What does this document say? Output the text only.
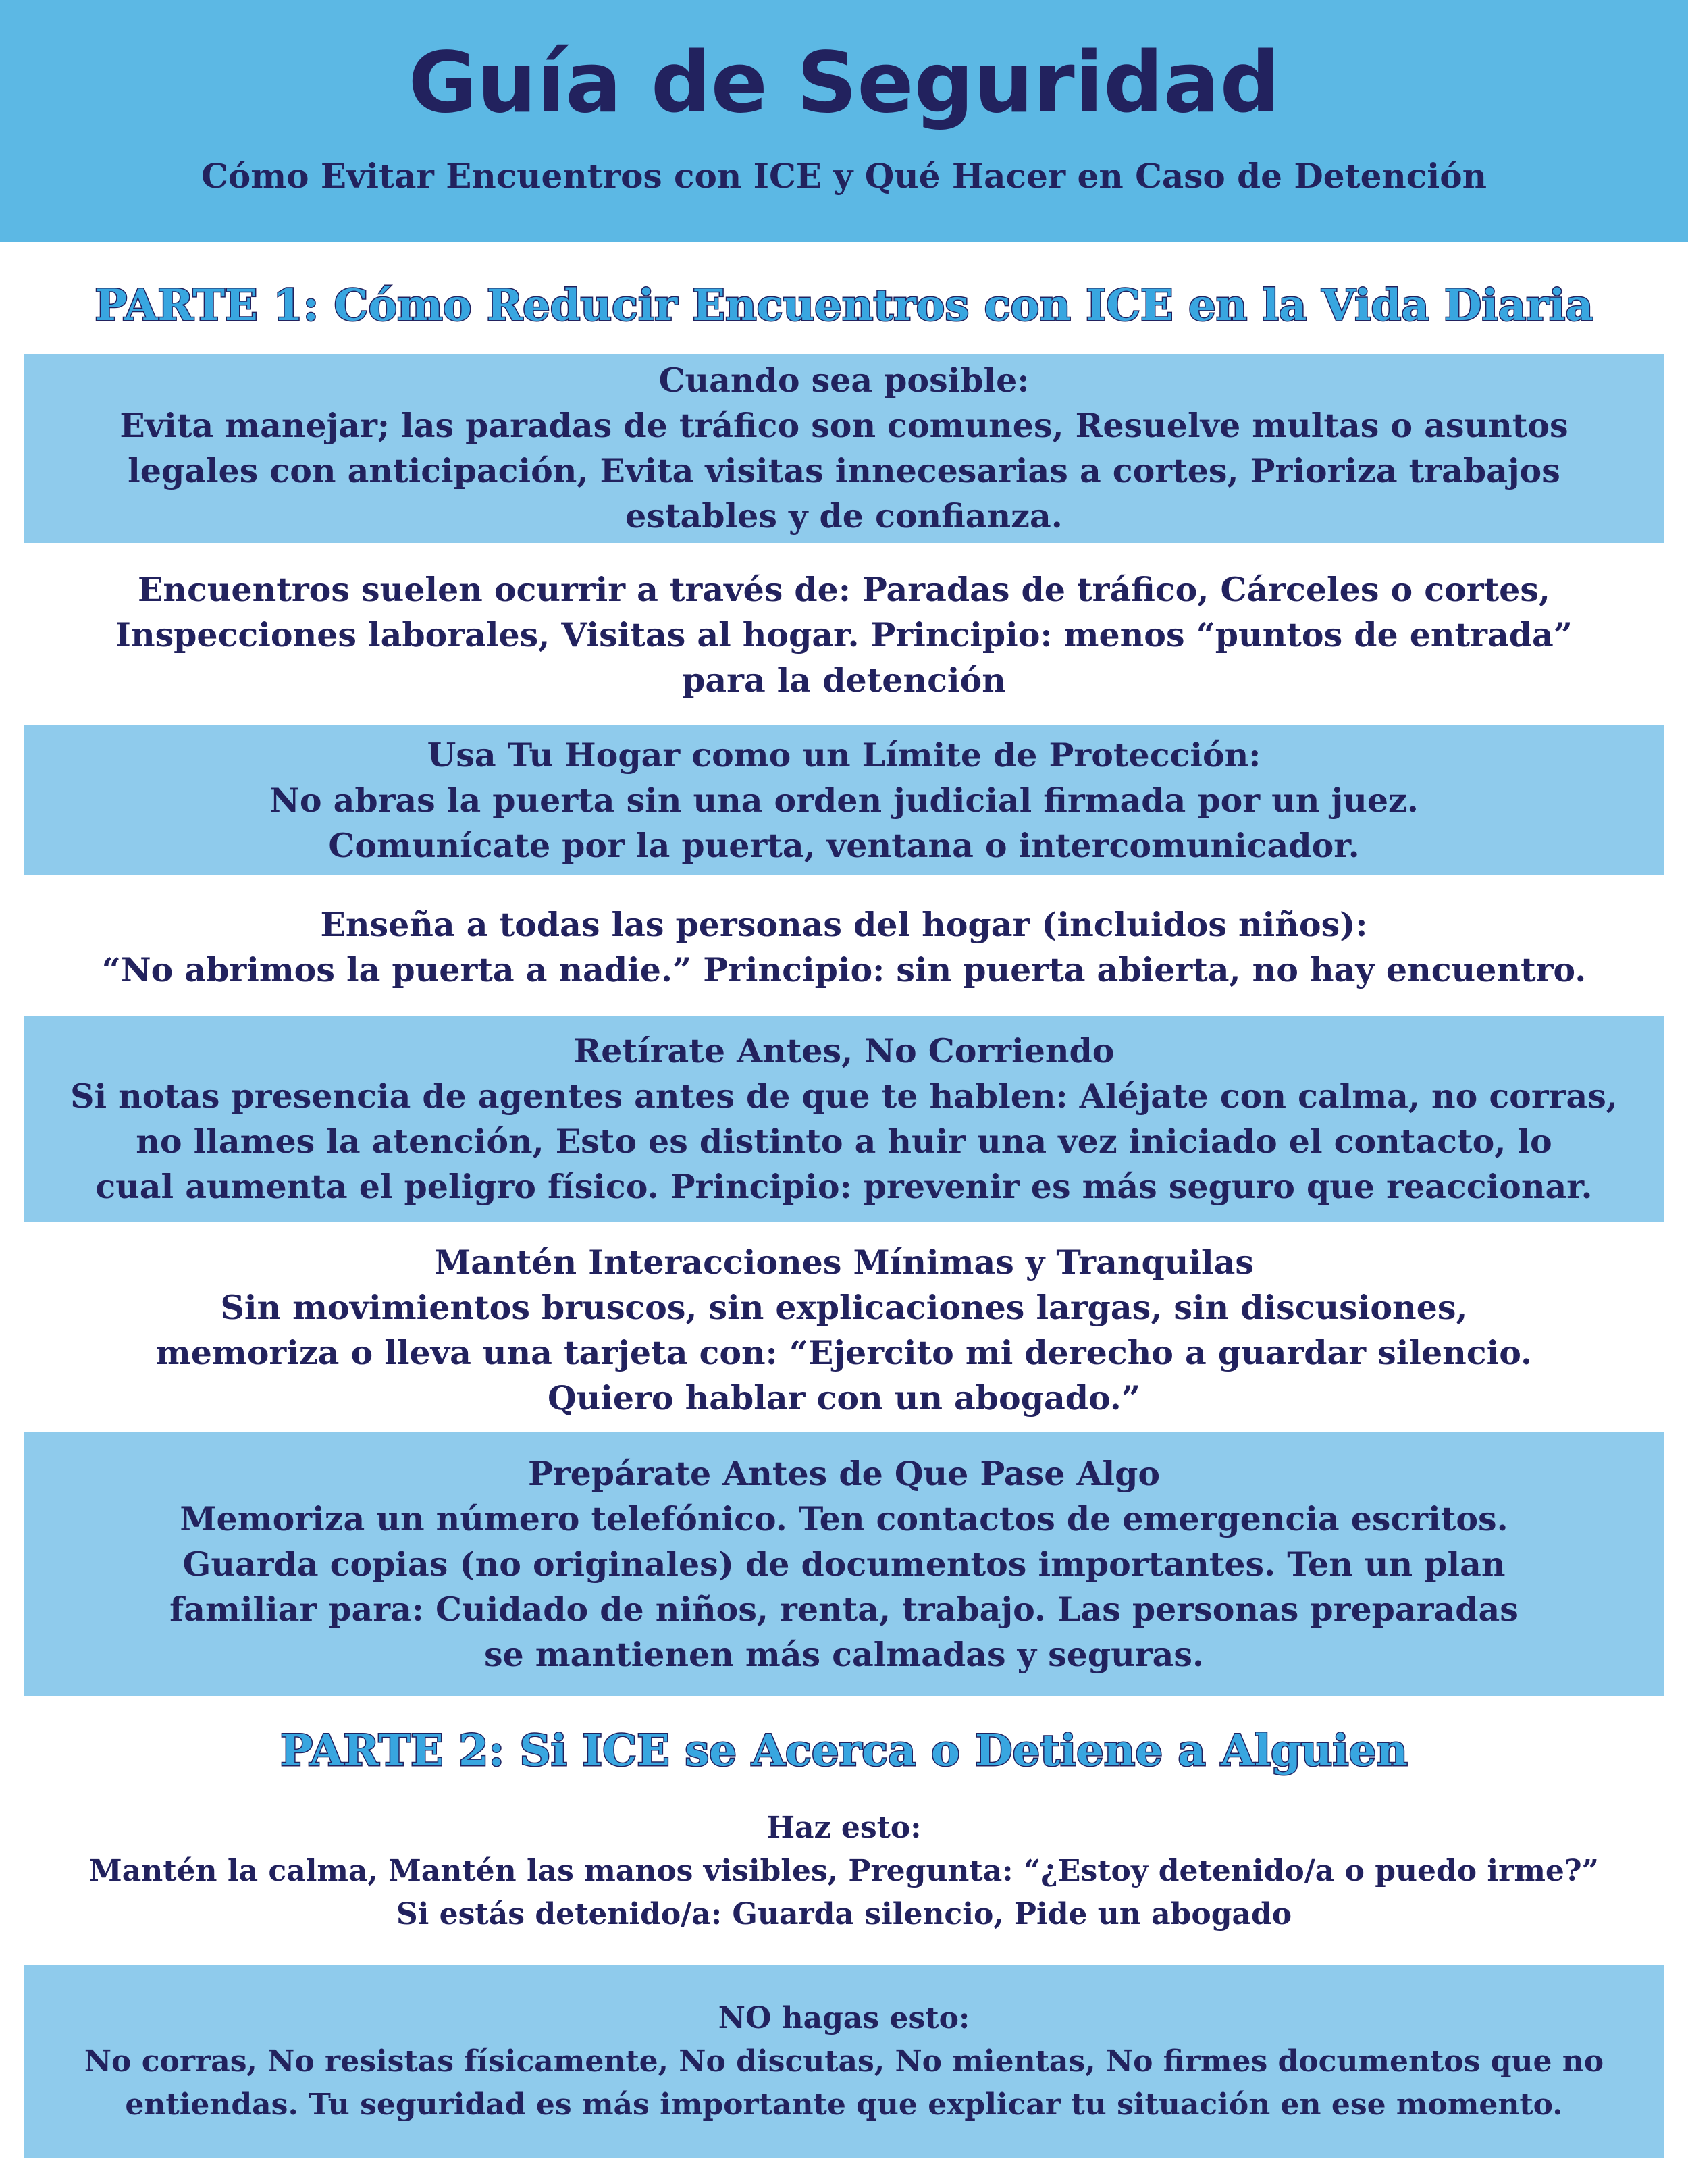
Guía de Seguridad
Cómo Evitar Encuentros con ICE y Qué Hacer en Caso de Detención
PARTE 1: Cómo Reducir Encuentros con ICE en la Vida Diaria

Cuando sea posible:
Evita manejar; las paradas de tráfico son comunes, Resuelve multas o asuntos
legales con anticipación, Evita visitas innecesarias a cortes, Prioriza trabajos
estables y de confianza.

Encuentros suelen ocurrir a través de: Paradas de tráfico, Cárceles o cortes,
Inspecciones laborales, Visitas al hogar. Principio: menos “puntos de entrada”
para la detención

Usa Tu Hogar como un Límite de Protección:
No abras la puerta sin una orden judicial firmada por un juez.
Comunícate por la puerta, ventana o intercomunicador.

Enseña a todas las personas del hogar (incluidos niños):
“No abrimos la puerta a nadie.” Principio: sin puerta abierta, no hay encuentro.

Retírate Antes, No Corriendo
Si notas presencia de agentes antes de que te hablen: Aléjate con calma, no corras,
no llames la atención, Esto es distinto a huir una vez iniciado el contacto, lo
cual aumenta el peligro físico. Principio: prevenir es más seguro que reaccionar.

Mantén Interacciones Mínimas y Tranquilas
Sin movimientos bruscos, sin explicaciones largas, sin discusiones,
memoriza o lleva una tarjeta con: “Ejercito mi derecho a guardar silencio.
Quiero hablar con un abogado.”

Prepárate Antes de Que Pase Algo
Memoriza un número telefónico. Ten contactos de emergencia escritos.
Guarda copias (no originales) de documentos importantes. Ten un plan
familiar para: Cuidado de niños, renta, trabajo. Las personas preparadas
se mantienen más calmadas y seguras.

PARTE 2: Si ICE se Acerca o Detiene a Alguien

Haz esto:
Mantén la calma, Mantén las manos visibles, Pregunta: “¿Estoy detenido/a o puedo irme?”
Si estás detenido/a: Guarda silencio, Pide un abogado

NO hagas esto:
No corras, No resistas físicamente, No discutas, No mientas, No firmes documentos que no
entiendas. Tu seguridad es más importante que explicar tu situación en ese momento.
